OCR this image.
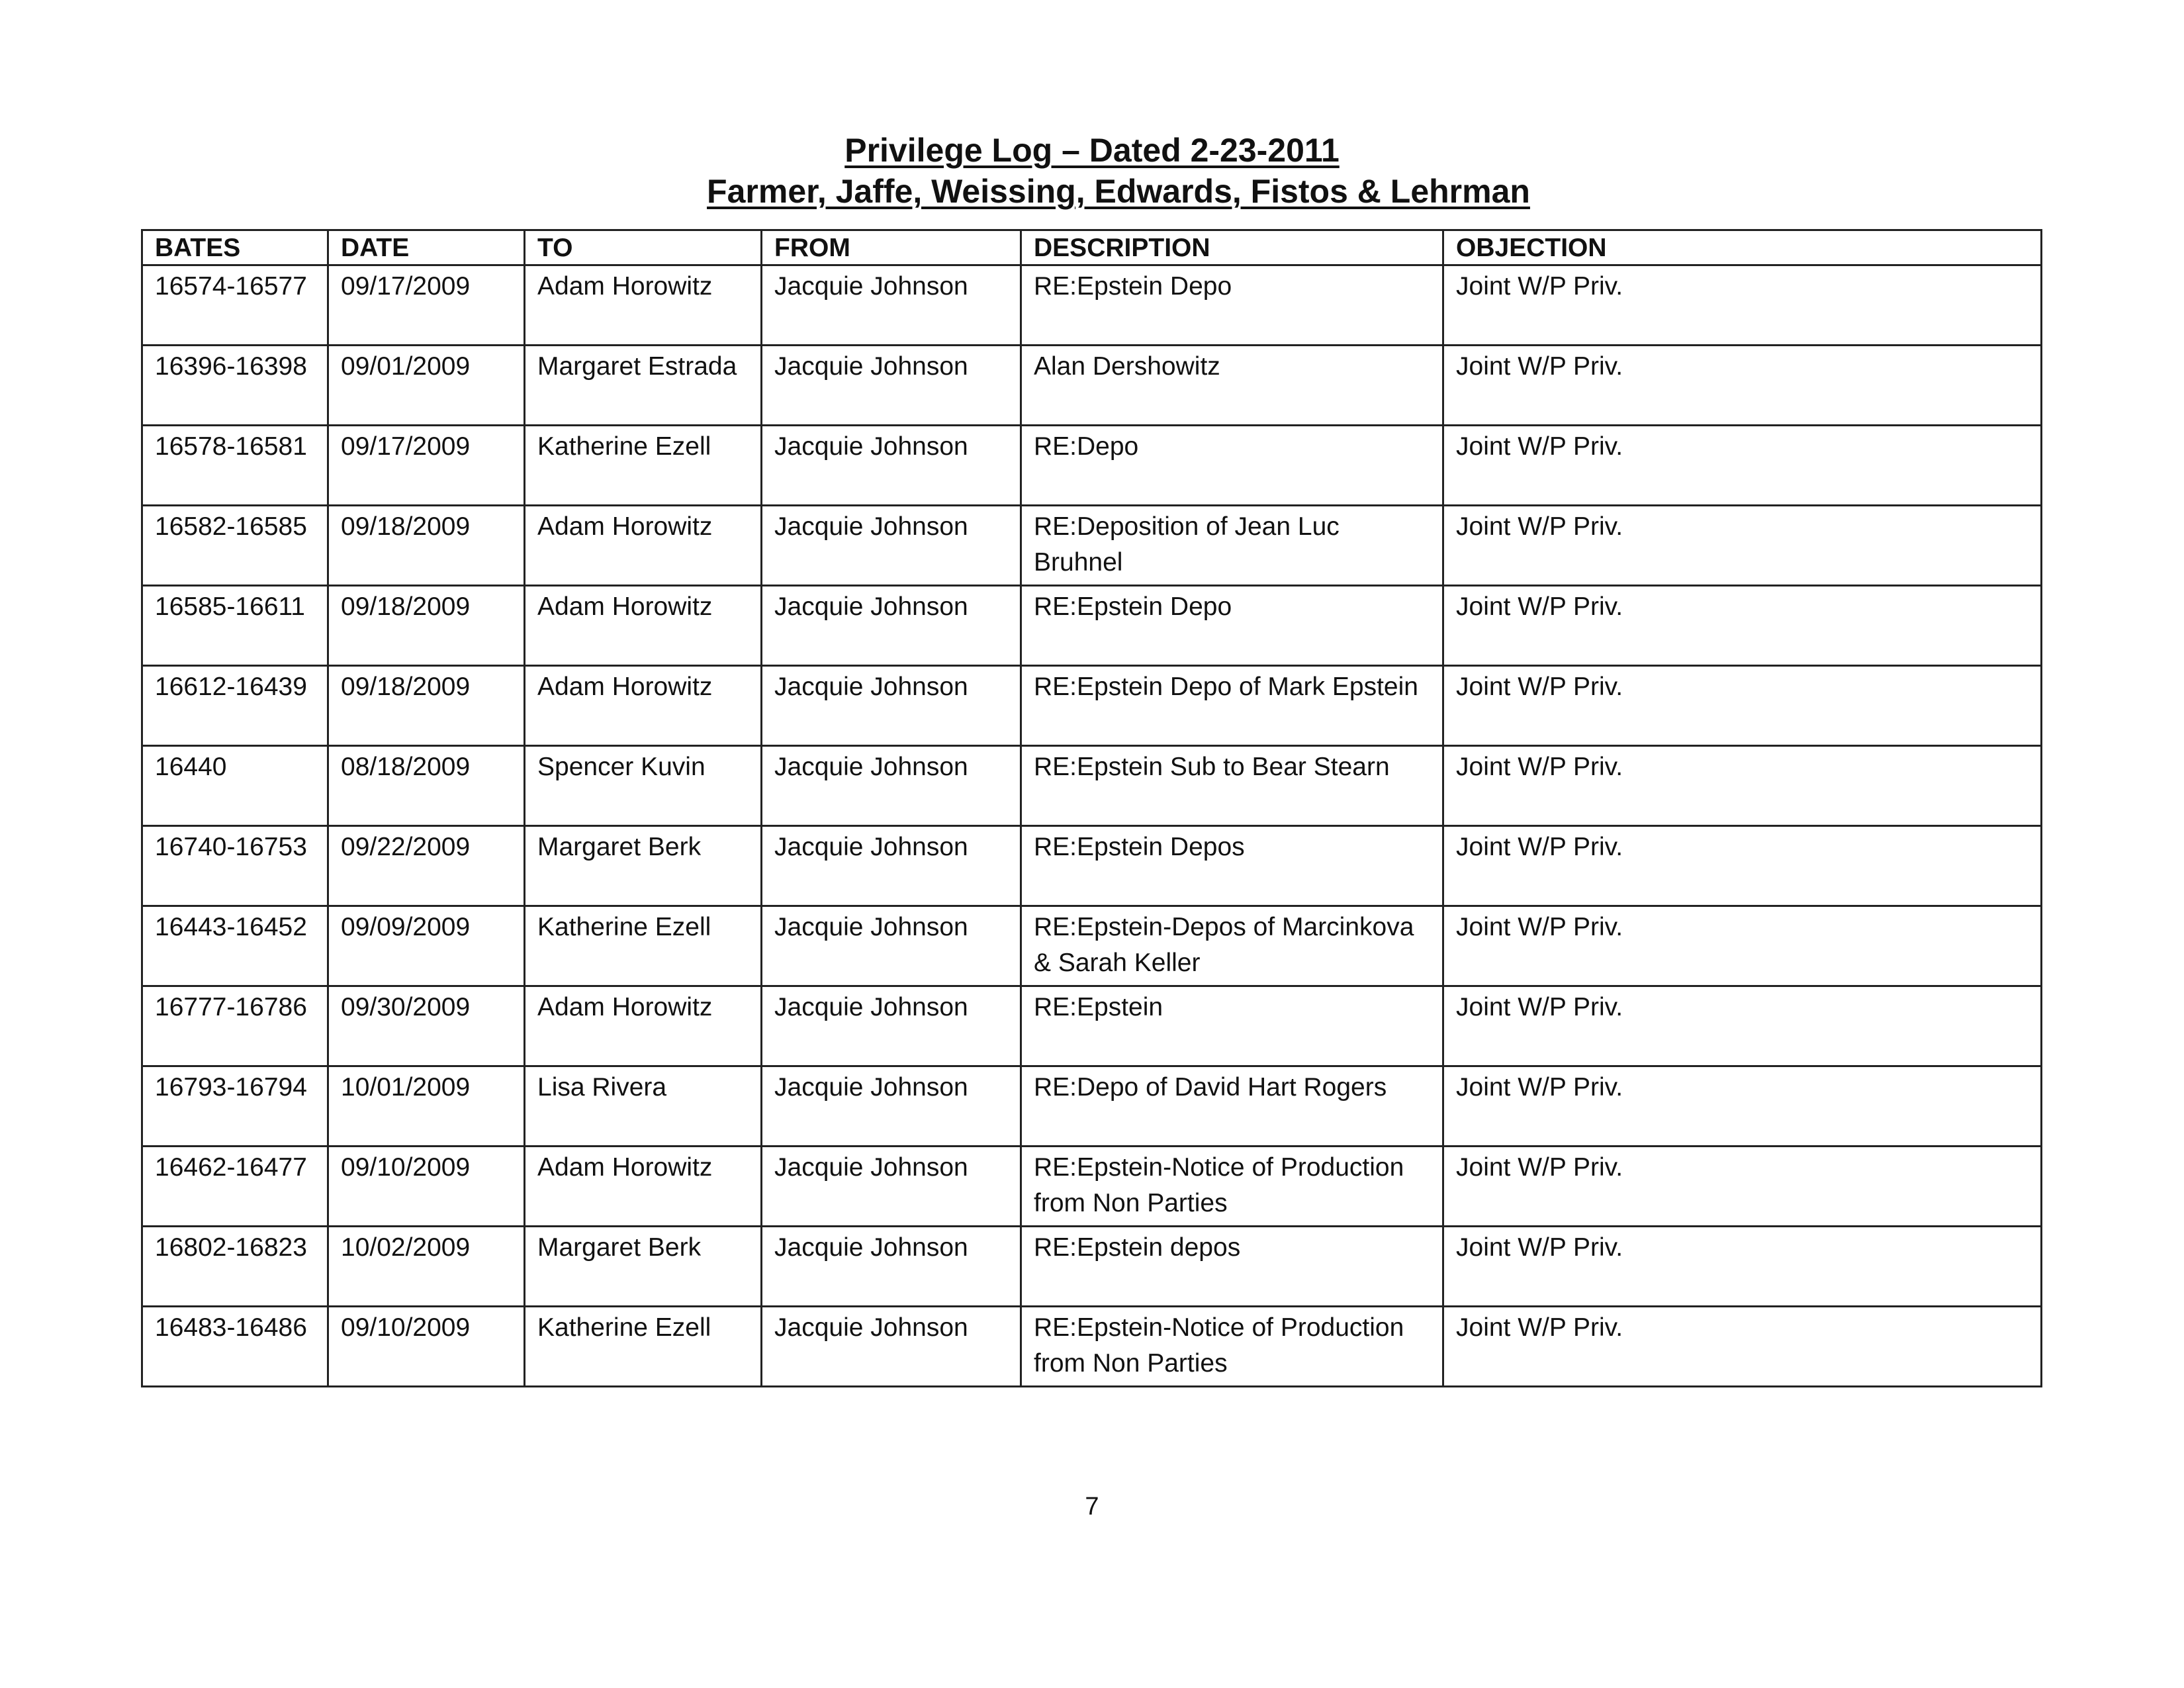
Privilege Log – Dated 2-23-2011

Farmer, Jaffe, Weissing, Edwards, Fistos & Lehrman

BATES	DATE	TO	FROM	DESCRIPTION	OBJECTION
16574-16577	09/17/2009	Adam Horowitz	Jacquie Johnson	RE:Epstein Depo	Joint W/P Priv.
16396-16398	09/01/2009	Margaret Estrada	Jacquie Johnson	Alan Dershowitz	Joint W/P Priv.
16578-16581	09/17/2009	Katherine Ezell	Jacquie Johnson	RE:Depo	Joint W/P Priv.
16582-16585	09/18/2009	Adam Horowitz	Jacquie Johnson	RE:Deposition of Jean Luc Bruhnel	Joint W/P Priv.
16585-16611	09/18/2009	Adam Horowitz	Jacquie Johnson	RE:Epstein Depo	Joint W/P Priv.
16612-16439	09/18/2009	Adam Horowitz	Jacquie Johnson	RE:Epstein Depo of Mark Epstein	Joint W/P Priv.
16440	08/18/2009	Spencer Kuvin	Jacquie Johnson	RE:Epstein Sub to Bear Stearn	Joint W/P Priv.
16740-16753	09/22/2009	Margaret Berk	Jacquie Johnson	RE:Epstein Depos	Joint W/P Priv.
16443-16452	09/09/2009	Katherine Ezell	Jacquie Johnson	RE:Epstein-Depos of Marcinkova & Sarah Keller	Joint W/P Priv.
16777-16786	09/30/2009	Adam Horowitz	Jacquie Johnson	RE:Epstein	Joint W/P Priv.
16793-16794	10/01/2009	Lisa Rivera	Jacquie Johnson	RE:Depo of David Hart Rogers	Joint W/P Priv.
16462-16477	09/10/2009	Adam Horowitz	Jacquie Johnson	RE:Epstein-Notice of Production from Non Parties	Joint W/P Priv.
16802-16823	10/02/2009	Margaret Berk	Jacquie Johnson	RE:Epstein depos	Joint W/P Priv.
16483-16486	09/10/2009	Katherine Ezell	Jacquie Johnson	RE:Epstein-Notice of Production from Non Parties	Joint W/P Priv.
7
